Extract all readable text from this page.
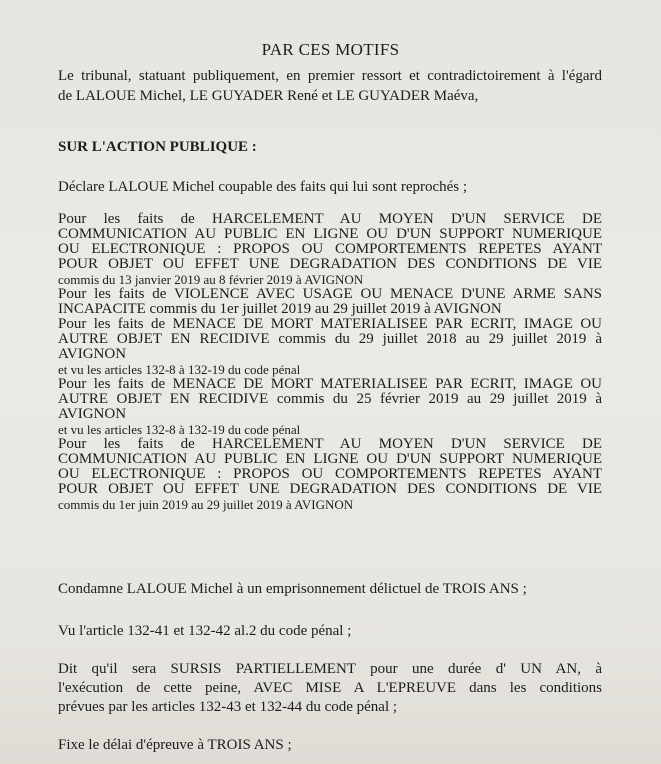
PAR CES MOTIFS
Le tribunal, statuant publiquement, en premier ressort et contradictoirement à l'égard
de LALOUE Michel, LE GUYADER René et LE GUYADER Maéva,
SUR L'ACTION PUBLIQUE :
Déclare LALOUE Michel coupable des faits qui lui sont reprochés ;
Pour les faits de HARCELEMENT AU MOYEN D'UN SERVICE DE
COMMUNICATION AU PUBLIC EN LIGNE OU D'UN SUPPORT NUMERIQUE
OU ELECTRONIQUE : PROPOS OU COMPORTEMENTS REPETES AYANT
POUR OBJET OU EFFET UNE DEGRADATION DES CONDITIONS DE VIE
commis du 13 janvier 2019 au 8 février 2019 à AVIGNON
Pour les faits de VIOLENCE AVEC USAGE OU MENACE D'UNE ARME SANS
INCAPACITE commis du 1er juillet 2019 au 29 juillet 2019 à AVIGNON
Pour les faits de MENACE DE MORT MATERIALISEE PAR ECRIT, IMAGE OU
AUTRE OBJET EN RECIDIVE commis du 29 juillet 2018 au 29 juillet 2019 à
AVIGNON
et vu les articles 132-8 à 132-19 du code pénal
Pour les faits de MENACE DE MORT MATERIALISEE PAR ECRIT, IMAGE OU
AUTRE OBJET EN RECIDIVE commis du 25 février 2019 au 29 juillet 2019 à
AVIGNON
et vu les articles 132-8 à 132-19 du code pénal
Pour les faits de HARCELEMENT AU MOYEN D'UN SERVICE DE
COMMUNICATION AU PUBLIC EN LIGNE OU D'UN SUPPORT NUMERIQUE
OU ELECTRONIQUE : PROPOS OU COMPORTEMENTS REPETES AYANT
POUR OBJET OU EFFET UNE DEGRADATION DES CONDITIONS DE VIE
commis du 1er juin 2019 au 29 juillet 2019 à AVIGNON
Condamne LALOUE Michel à un emprisonnement délictuel de TROIS ANS ;
Vu l'article 132-41 et 132-42 al.2 du code pénal ;
Dit qu'il sera SURSIS PARTIELLEMENT pour une durée d' UN AN, à
l'exécution de cette peine, AVEC MISE A L'EPREUVE dans les conditions
prévues par les articles 132-43 et 132-44 du code pénal ;
Fixe le délai d'épreuve à TROIS ANS ;
